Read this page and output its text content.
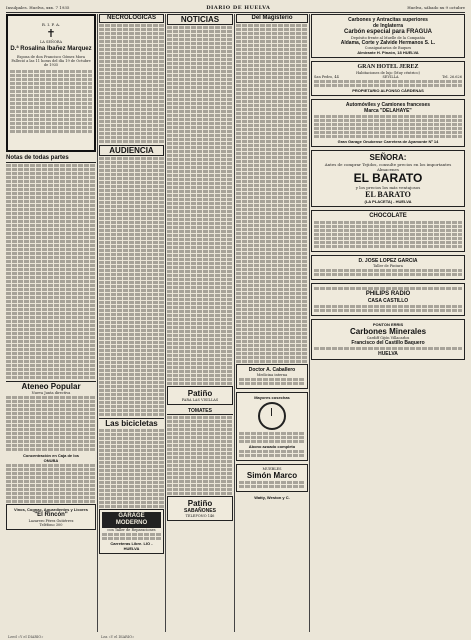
Insulpales. Huelva, xxx. 7 1935	DIARIO DE HUELVA	Huelva, sábado xx 9 octubre
R. I. P. A.
✝
LA SEÑORA
D.ª Rosalina Ibañez Marquez
Esposa de don Francisco Gómez Mora
Falleció a las 11 horas del día 19 de Octubre de 1935
Notas de todas partes
Ateneo Popular
Nueva Junta directiva
Concentración en Caja de los
ONUBA
Vinos, Cognac, Aguardientes y Licores
"El Rincón"
Lazarero Pérez Gutiérrez
Teléfono 300
Leed «Y el DIARIO»
NECROLOGICAS
AUDIENCIA
Las bicicletas
GARAGE MODERNO
con Taller de Reparaciones
Carreteras Libre. LIO - HUELVA
Lea «Y el DIARIO»
NOTICIAS
Patiño
PARA LAS VISILLAS
TOMATES
Patiño
SABAÑONES
TELEFONO 146
Del Magisterio
Doctor A. Caballero
Medicina interna
Mayores cosechas
Abono azoado completo
MUEBLES
Simón Marco
Watty, Weston y C.
Carbones y Antracitas superiores
de Inglaterra
Carbón especial para FRAGUA
Depósito frente al Muelle de la Compañía
Aldama, Corte y Zalvide Hermanos S. L.
Consignatarios de Buques
Almirante H. Pinzón, 18 HUELVA
GRAN HOTEL JEREZ
Habitaciones de lujo (Muy céntrico)
San Pedro, 44	SEVILLA	Tel. 26.626
PROPIETARIO ALFONSO CÁRDENAS
Automóviles y Camiones franceses
Marca "DELAHAYE"
Gran Garage Onubense Carretera de Ayamonte Nº 14
SEÑORA:
Antes de comprar Tejidos, consulte precios en los importantes Almacenes
EL BARATO
y los precios los más ventajosos
EL BARATO
(LA PLACETA) - HUELVA
CHOCOLATE
D. JOSE LOPEZ GARCIA
Taller de Pintura
PHILIPS RADIO
CASA CASTILLO
PONTON ERRIS
Carbones Minerales
Cardiff Gijón Villacarlos
Francisco del Castillo Baquero
HUELVA
